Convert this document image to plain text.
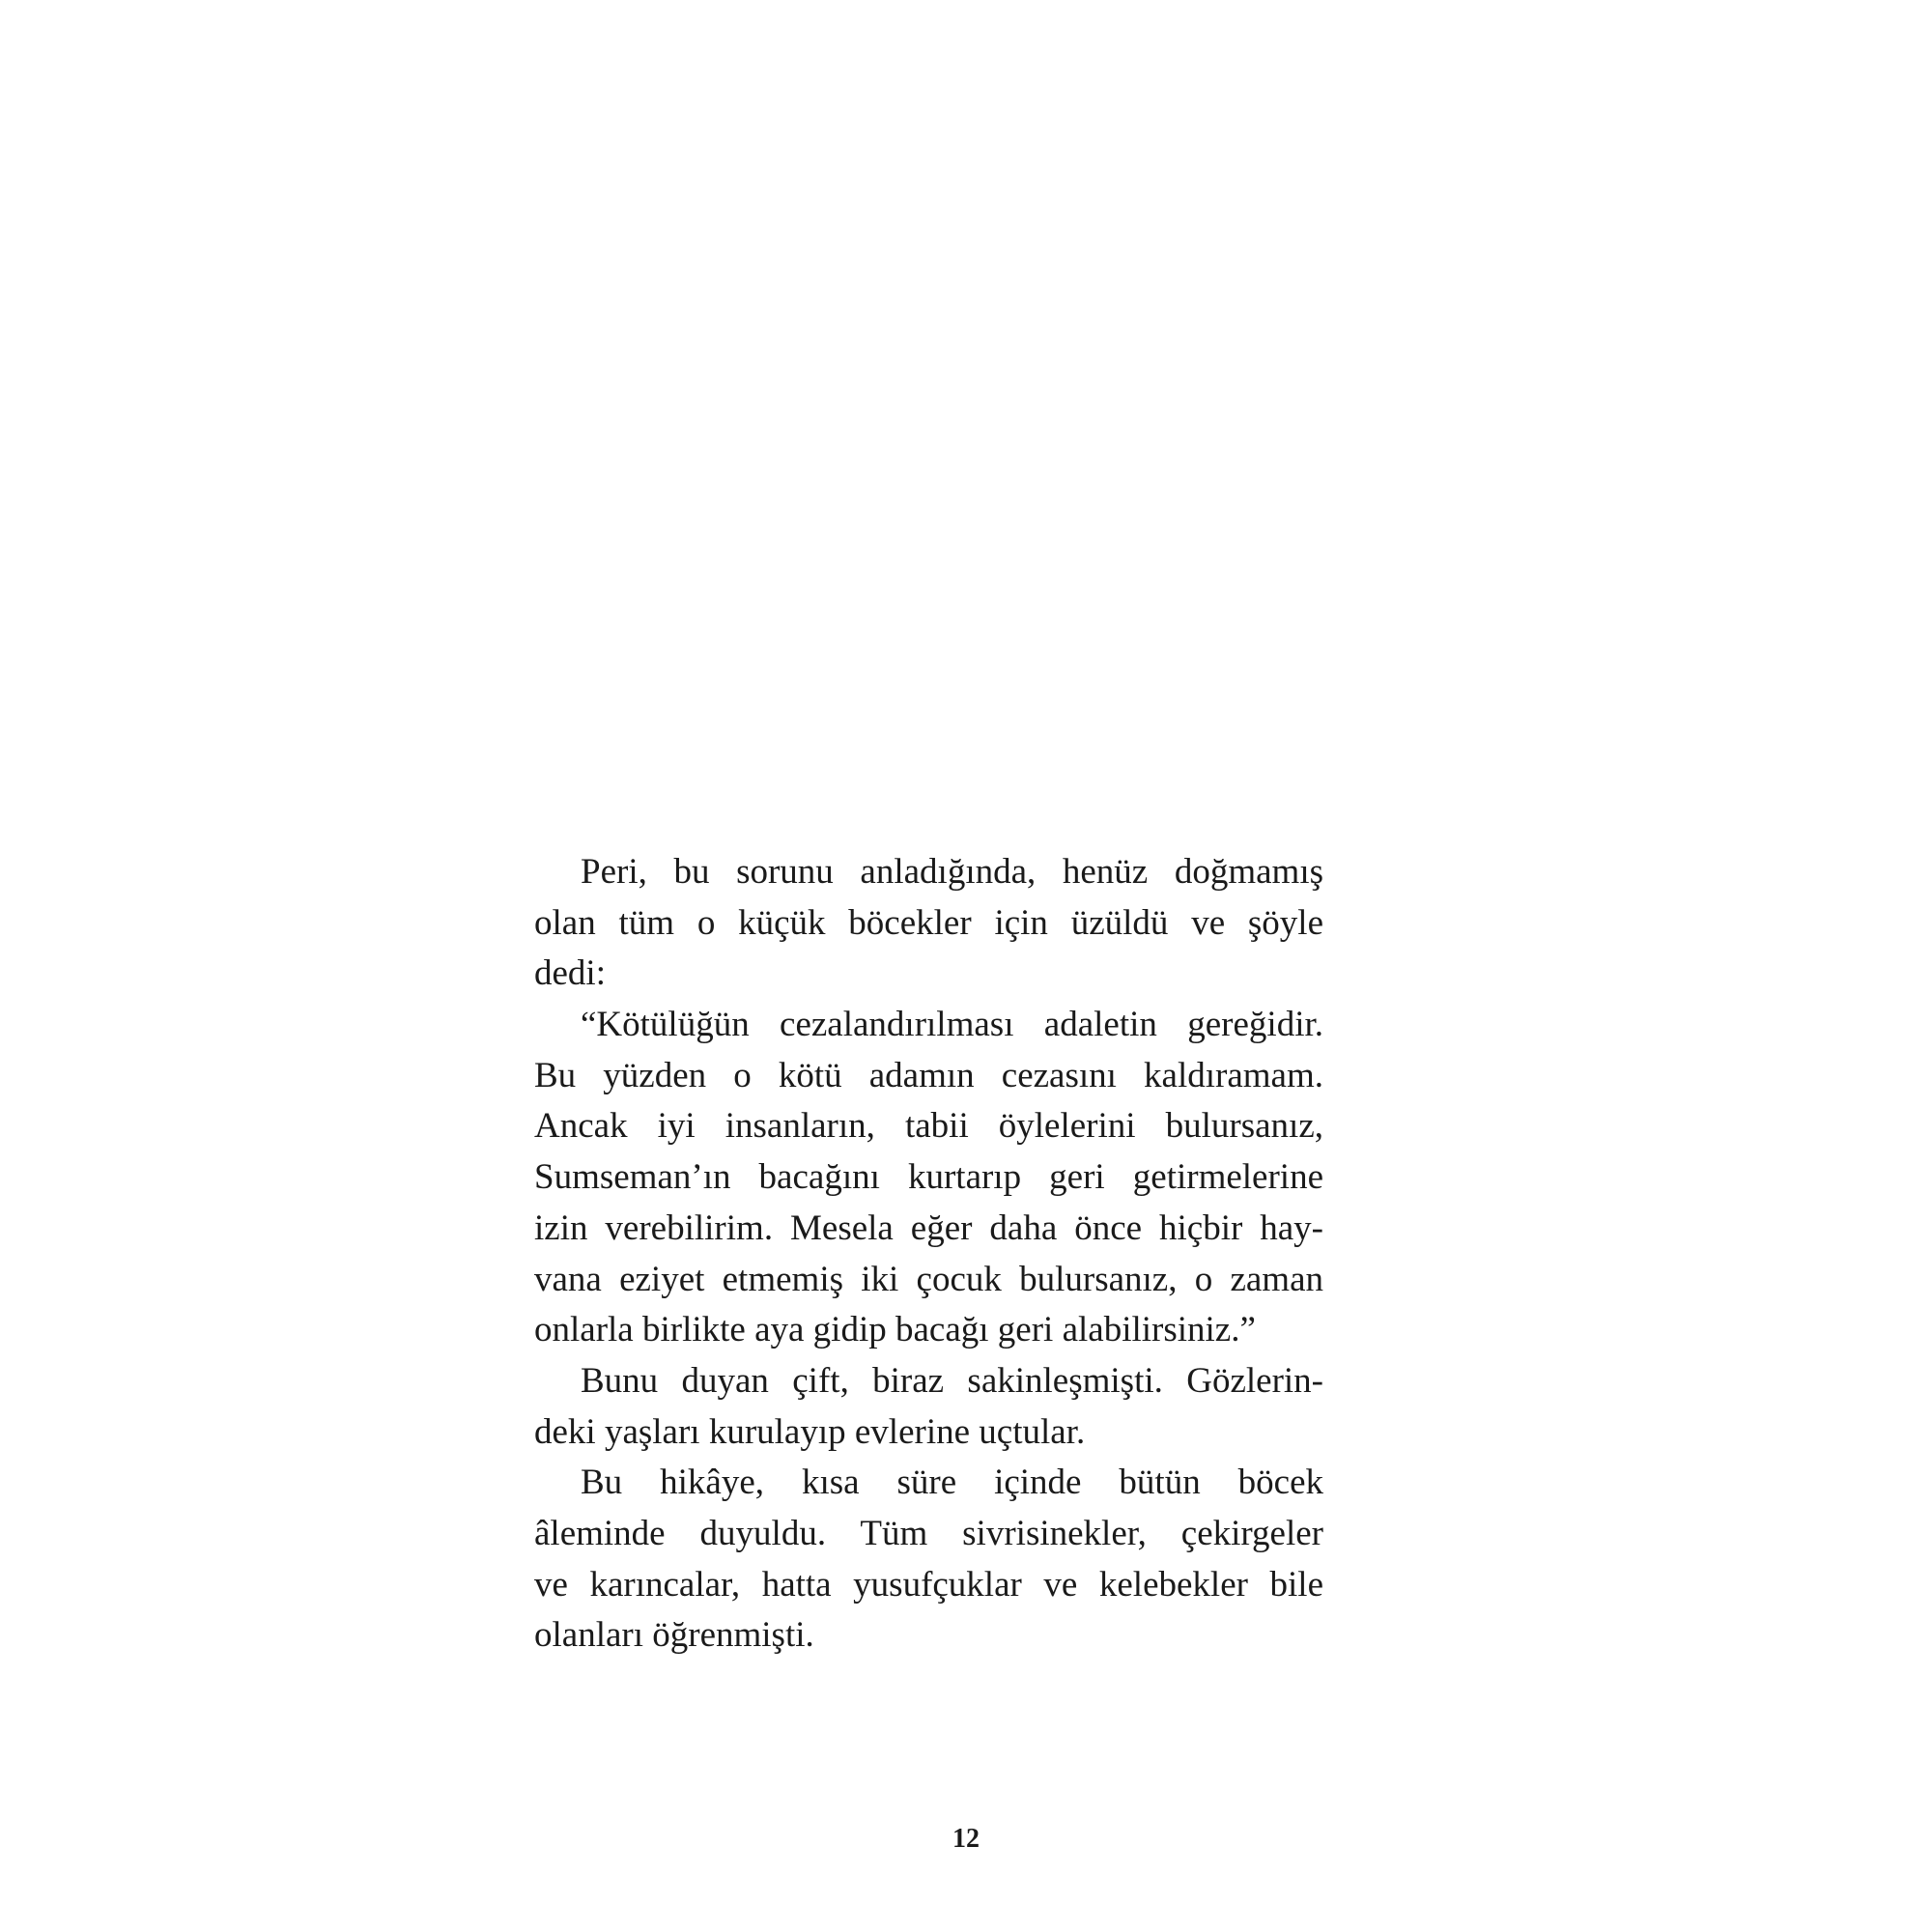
Peri, bu sorunu anladığında, henüz doğmamış
olan tüm o küçük böcekler için üzüldü ve şöyle
dedi:
“Kötülüğün cezalandırılması adaletin gereğidir.
Bu yüzden o kötü adamın cezasını kaldıramam.
Ancak iyi insanların, tabii öylelerini bulursanız,
Sumseman’ın bacağını kurtarıp geri getirmelerine
izin verebilirim. Mesela eğer daha önce hiçbir hay-
vana eziyet etmemiş iki çocuk bulursanız, o zaman
onlarla birlikte aya gidip bacağı geri alabilirsiniz.”
Bunu duyan çift, biraz sakinleşmişti. Gözlerin-
deki yaşları kurulayıp evlerine uçtular.
Bu hikâye, kısa süre içinde bütün böcek
âleminde duyuldu. Tüm sivrisinekler, çekirgeler
ve karıncalar, hatta yusufçuklar ve kelebekler bile
olanları öğrenmişti.
12
